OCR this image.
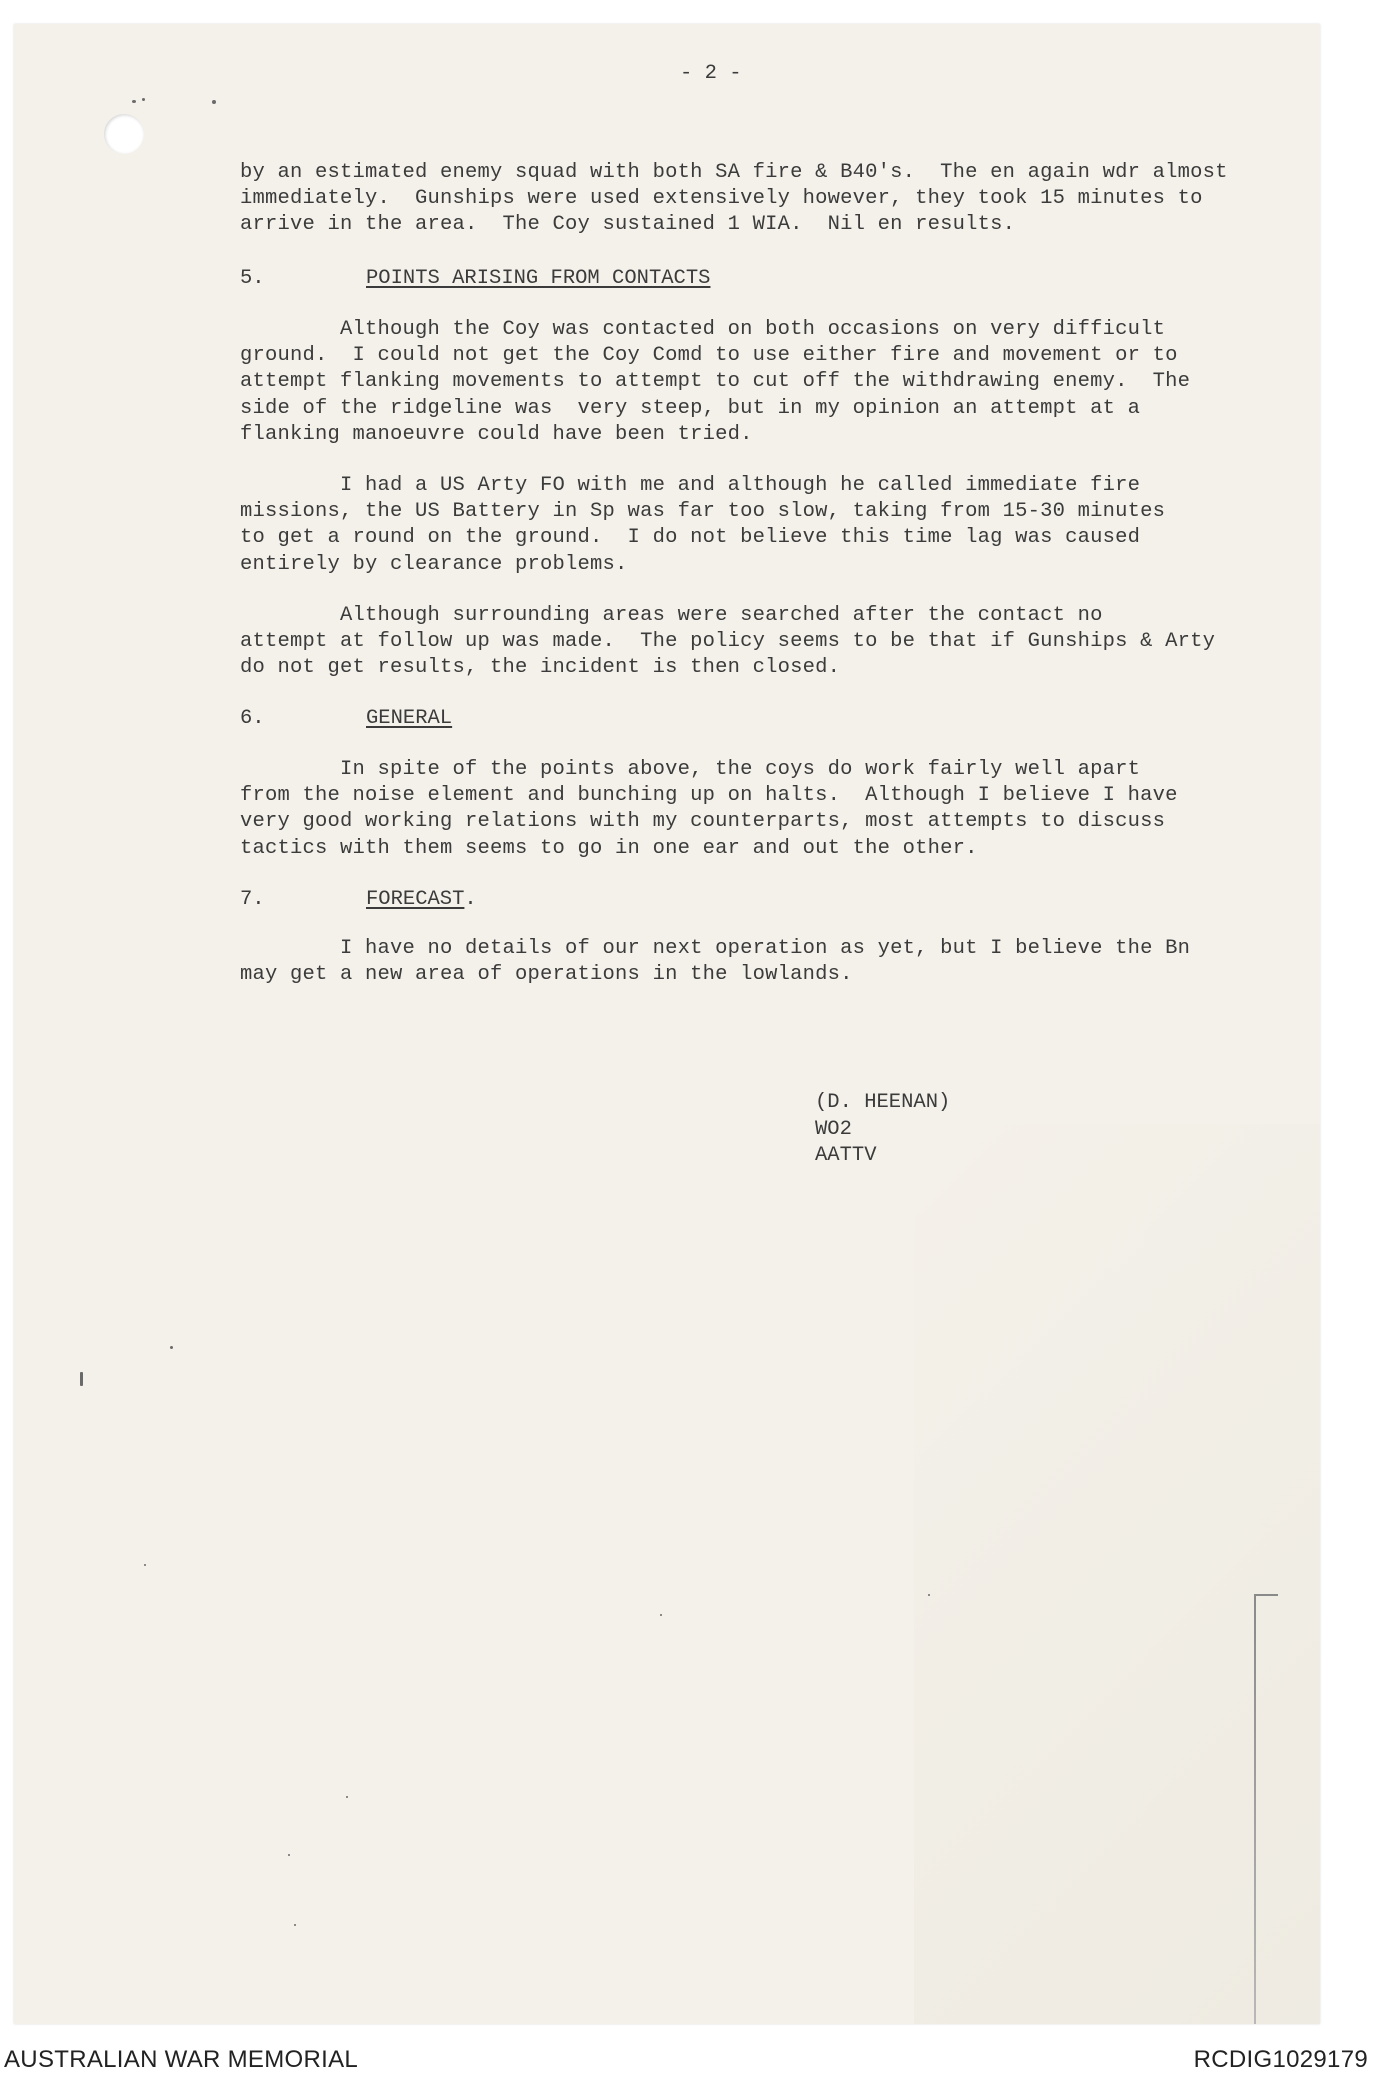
- 2 -
by an estimated enemy squad with both SA fire & B40's.  The en again wdr almost
immediately.  Gunships were used extensively however, they took 15 minutes to
arrive in the area.  The Coy sustained 1 WIA.  Nil en results.
5.	POINTS ARISING FROM CONTACTS
Although the Coy was contacted on both occasions on very difficult
ground.  I could not get the Coy Comd to use either fire and movement or to
attempt flanking movements to attempt to cut off the withdrawing enemy.  The
side of the ridgeline was  very steep, but in my opinion an attempt at a
flanking manoeuvre could have been tried.
I had a US Arty FO with me and although he called immediate fire
missions, the US Battery in Sp was far too slow, taking from 15-30 minutes
to get a round on the ground.  I do not believe this time lag was caused
entirely by clearance problems.
Although surrounding areas were searched after the contact no
attempt at follow up was made.  The policy seems to be that if Gunships & Arty
do not get results, the incident is then closed.
6.	GENERAL
In spite of the points above, the coys do work fairly well apart
from the noise element and bunching up on halts.  Although I believe I have
very good working relations with my counterparts, most attempts to discuss
tactics with them seems to go in one ear and out the other.
7.	FORECAST.
I have no details of our next operation as yet, but I believe the Bn
may get a new area of operations in the lowlands.
(D. HEENAN)
WO2
AATTV
AUSTRALIAN WAR MEMORIAL	RCDIG1029179
